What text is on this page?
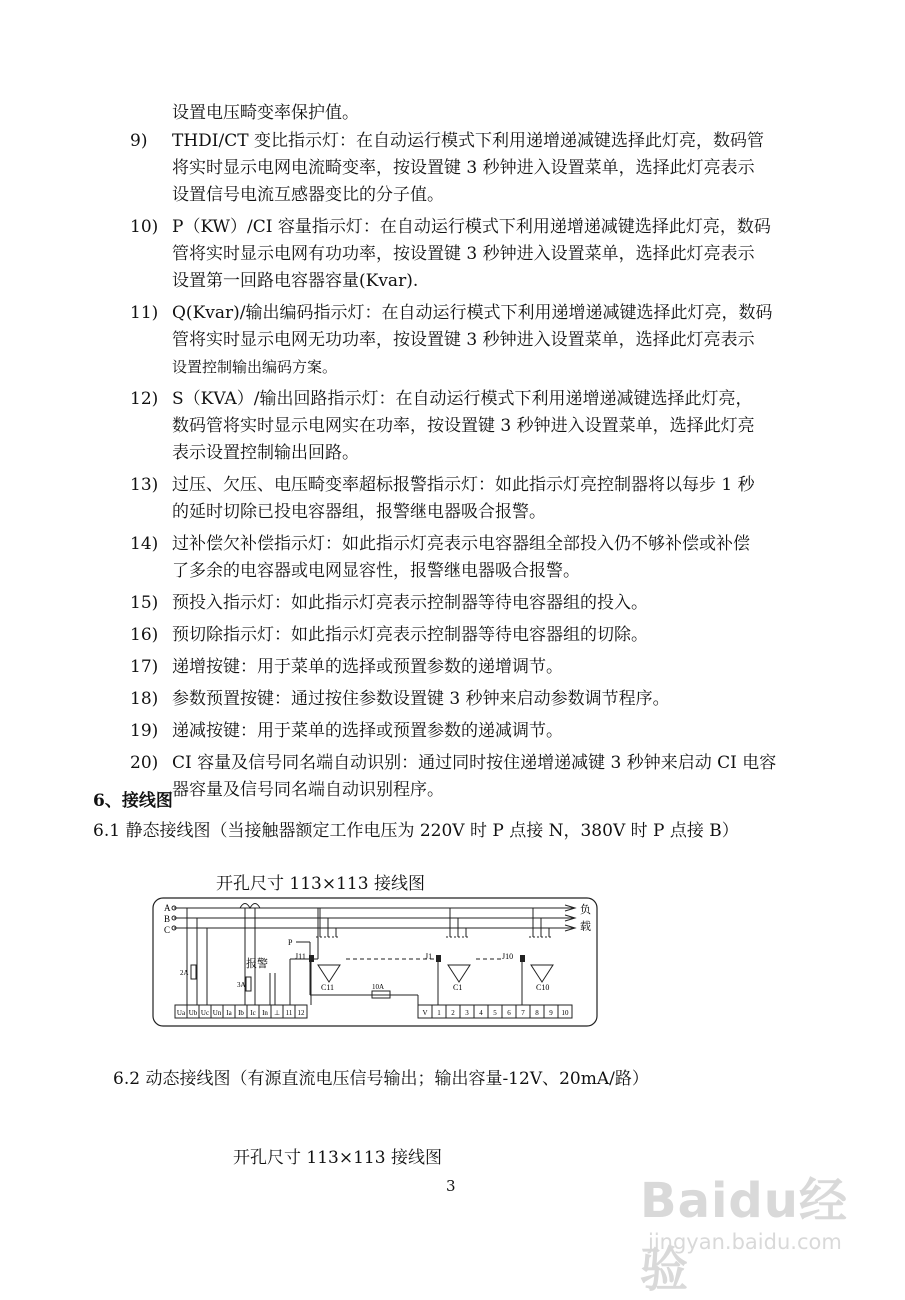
设置电压畸变率保护值。
9)	THDI/CT 变比指示灯：在自动运行模式下利用递增递减键选择此灯亮，数码管
将实时显示电网电流畸变率，按设置键 3 秒钟进入设置菜单，选择此灯亮表示
设置信号电流互感器变比的分子值。
10) P（KW）/CI 容量指示灯：在自动运行模式下利用递增递减键选择此灯亮，数码
管将实时显示电网有功功率，按设置键 3 秒钟进入设置菜单，选择此灯亮表示
设置第一回路电容器容量(Kvar).
11) Q(Kvar)/输出编码指示灯：在自动运行模式下利用递增递减键选择此灯亮，数码
管将实时显示电网无功功率，按设置键 3 秒钟进入设置菜单，选择此灯亮表示
设置控制输出编码方案。
12) S（KVA）/输出回路指示灯：在自动运行模式下利用递增递减键选择此灯亮，
数码管将实时显示电网实在功率，按设置键 3 秒钟进入设置菜单，选择此灯亮
表示设置控制输出回路。
13) 过压、欠压、电压畸变率超标报警指示灯：如此指示灯亮控制器将以每步 1 秒
的延时切除已投电容器组，报警继电器吸合报警。
14) 过补偿欠补偿指示灯：如此指示灯亮表示电容器组全部投入仍不够补偿或补偿
了多余的电容器或电网显容性，报警继电器吸合报警。
15) 预投入指示灯：如此指示灯亮表示控制器等待电容器组的投入。
16) 预切除指示灯：如此指示灯亮表示控制器等待电容器组的切除。
17) 递增按键：用于菜单的选择或预置参数的递增调节。
18) 参数预置按键：通过按住参数设置键 3 秒钟来启动参数调节程序。
19) 递减按键：用于菜单的选择或预置参数的递减调节。
20) CI 容量及信号同名端自动识别：通过同时按住递增递减键 3 秒钟来启动 CI 电容
器容量及信号同名端自动识别程序。
6、接线图
6.1 静态接线图（当接触器额定工作电压为 220V 时 P 点接 N，380V 时 P 点接 B）
开孔尺寸 113×113 接线图
A
B
C
负
载
2A
报警
3A
P
10A
J11
C11
J1
C1
J10
C10
Ua Ub Uc Un Ia Ib Ic In ⊥ 11 12	V 1 2 3 4 5 6 7 8 9 10
6.2 动态接线图（有源直流电压信号输出；输出容量-12V、20mA/路）
开孔尺寸 113×113 接线图
3	Baidu经验
jingyan.baidu.com
